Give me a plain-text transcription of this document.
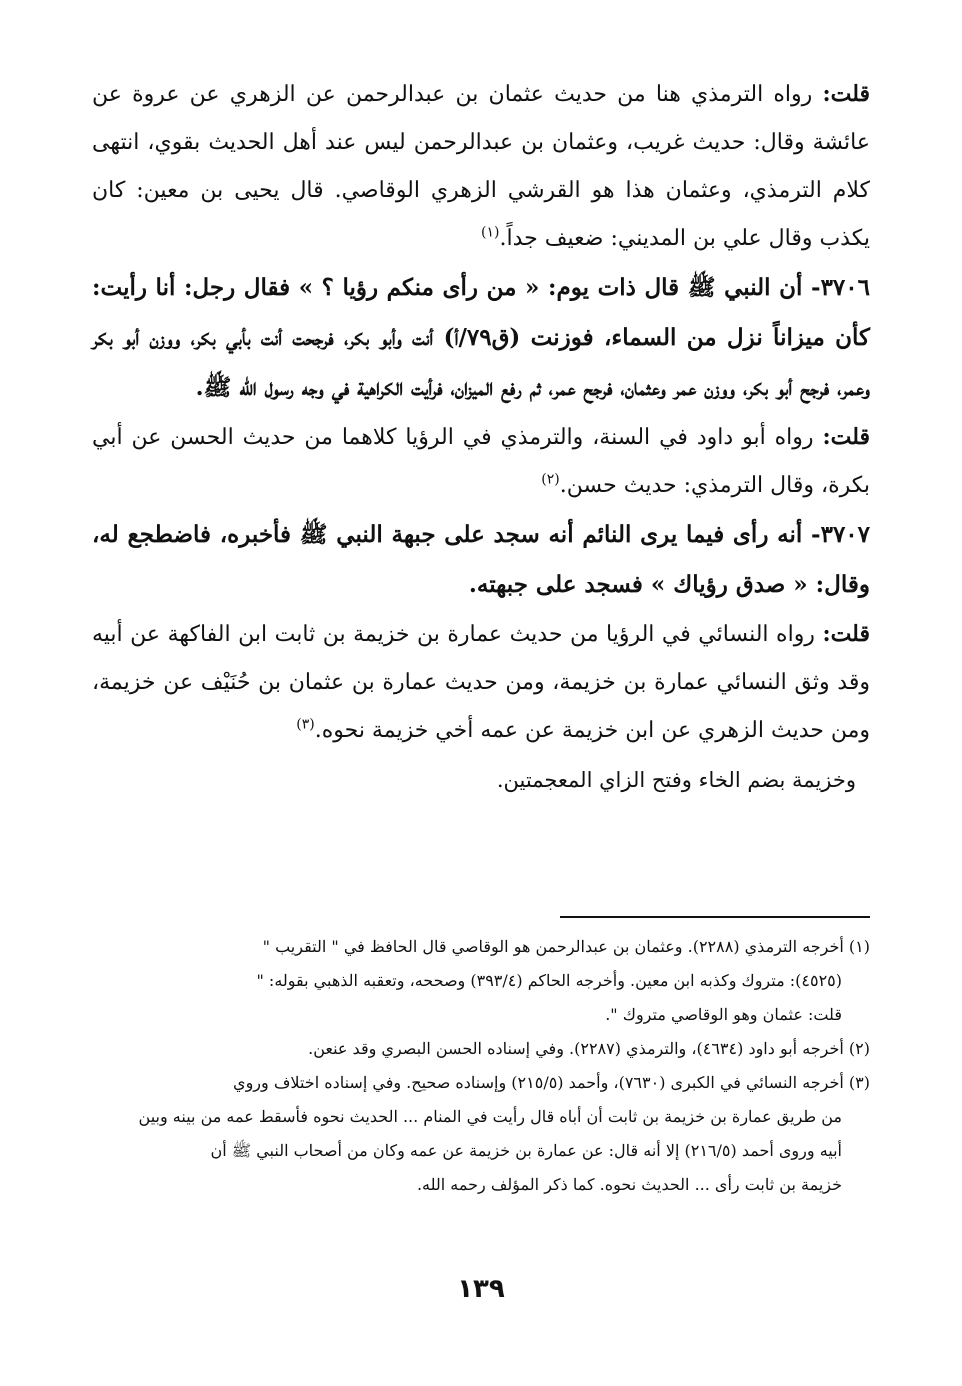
قلت: رواه الترمذي هنا من حديث عثمان بن عبدالرحمن عن الزهري عن عروة عن عائشة وقال: حديث غريب، وعثمان بن عبدالرحمن ليس عند أهل الحديث بقوي، انتهى كلام الترمذي، وعثمان هذا هو القرشي الزهري الوقاصي. قال يحيى بن معين: كان يكذب وقال علي بن المديني: ضعيف جداً.$^{(١)}$

٣٧٠٦- أن النبي ﷺ قال ذات يوم: « من رأى منكم رؤيا ؟ » فقال رجل: أنا رأيت: كأن ميزاناً نزل من السماء، فوزنت (ق٧٩/أ) أنت وأبو بكر، فرجحت أنت بأبي بكر، ووزن أبو بكر وعمر، فرجح أبو بكر، ووزن عمر وعثمان، فرجح عمر، ثم رفع الميزان، فرأيت الكراهية في وجه رسول الله ﷺ.

قلت: رواه أبو داود في السنة، والترمذي في الرؤيا كلاهما من حديث الحسن عن أبي بكرة، وقال الترمذي: حديث حسن.$^{(٢)}$

٣٧٠٧- أنه رأى فيما يرى النائم أنه سجد على جبهة النبي ﷺ فأخبره، فاضطجع له، وقال: « صدق رؤياك » فسجد على جبهته.

قلت: رواه النسائي في الرؤيا من حديث عمارة بن خزيمة بن ثابت ابن الفاكهة عن أبيه وقد وثق النسائي عمارة بن خزيمة، ومن حديث عمارة بن عثمان بن حُنَيْف عن خزيمة، ومن حديث الزهري عن ابن خزيمة عن عمه أخي خزيمة نحوه.$^{(٣)}$

وخزيمة بضم الخاء وفتح الزاي المعجمتين.

(١) أخرجه الترمذي (٢٢٨٨). وعثمان بن عبدالرحمن هو الوقاصي قال الحافظ في " التقريب "
(٤٥٢٥): متروك وكذبه ابن معين. وأخرجه الحاكم (٣٩٣/٤) وصححه، وتعقبه الذهبي بقوله: "
قلت: عثمان وهو الوقاصي متروك ".

(٢) أخرجه أبو داود (٤٦٣٤)، والترمذي (٢٢٨٧). وفي إسناده الحسن البصري وقد عنعن.

(٣) أخرجه النسائي في الكبرى (٧٦٣٠)، وأحمد (٢١٥/٥) وإسناده صحيح. وفي إسناده اختلاف وروي
من طريق عمارة بن خزيمة بن ثابت أن أباه قال رأيت في المنام ... الحديث نحوه فأسقط عمه من بينه وبين
أبيه وروى أحمد (٢١٦/٥) إلا أنه قال: عن عمارة بن خزيمة عن عمه وكان من أصحاب النبي ﷺ أن
خزيمة بن ثابت رأى ... الحديث نحوه. كما ذكر المؤلف رحمه الله.

١٣٩
